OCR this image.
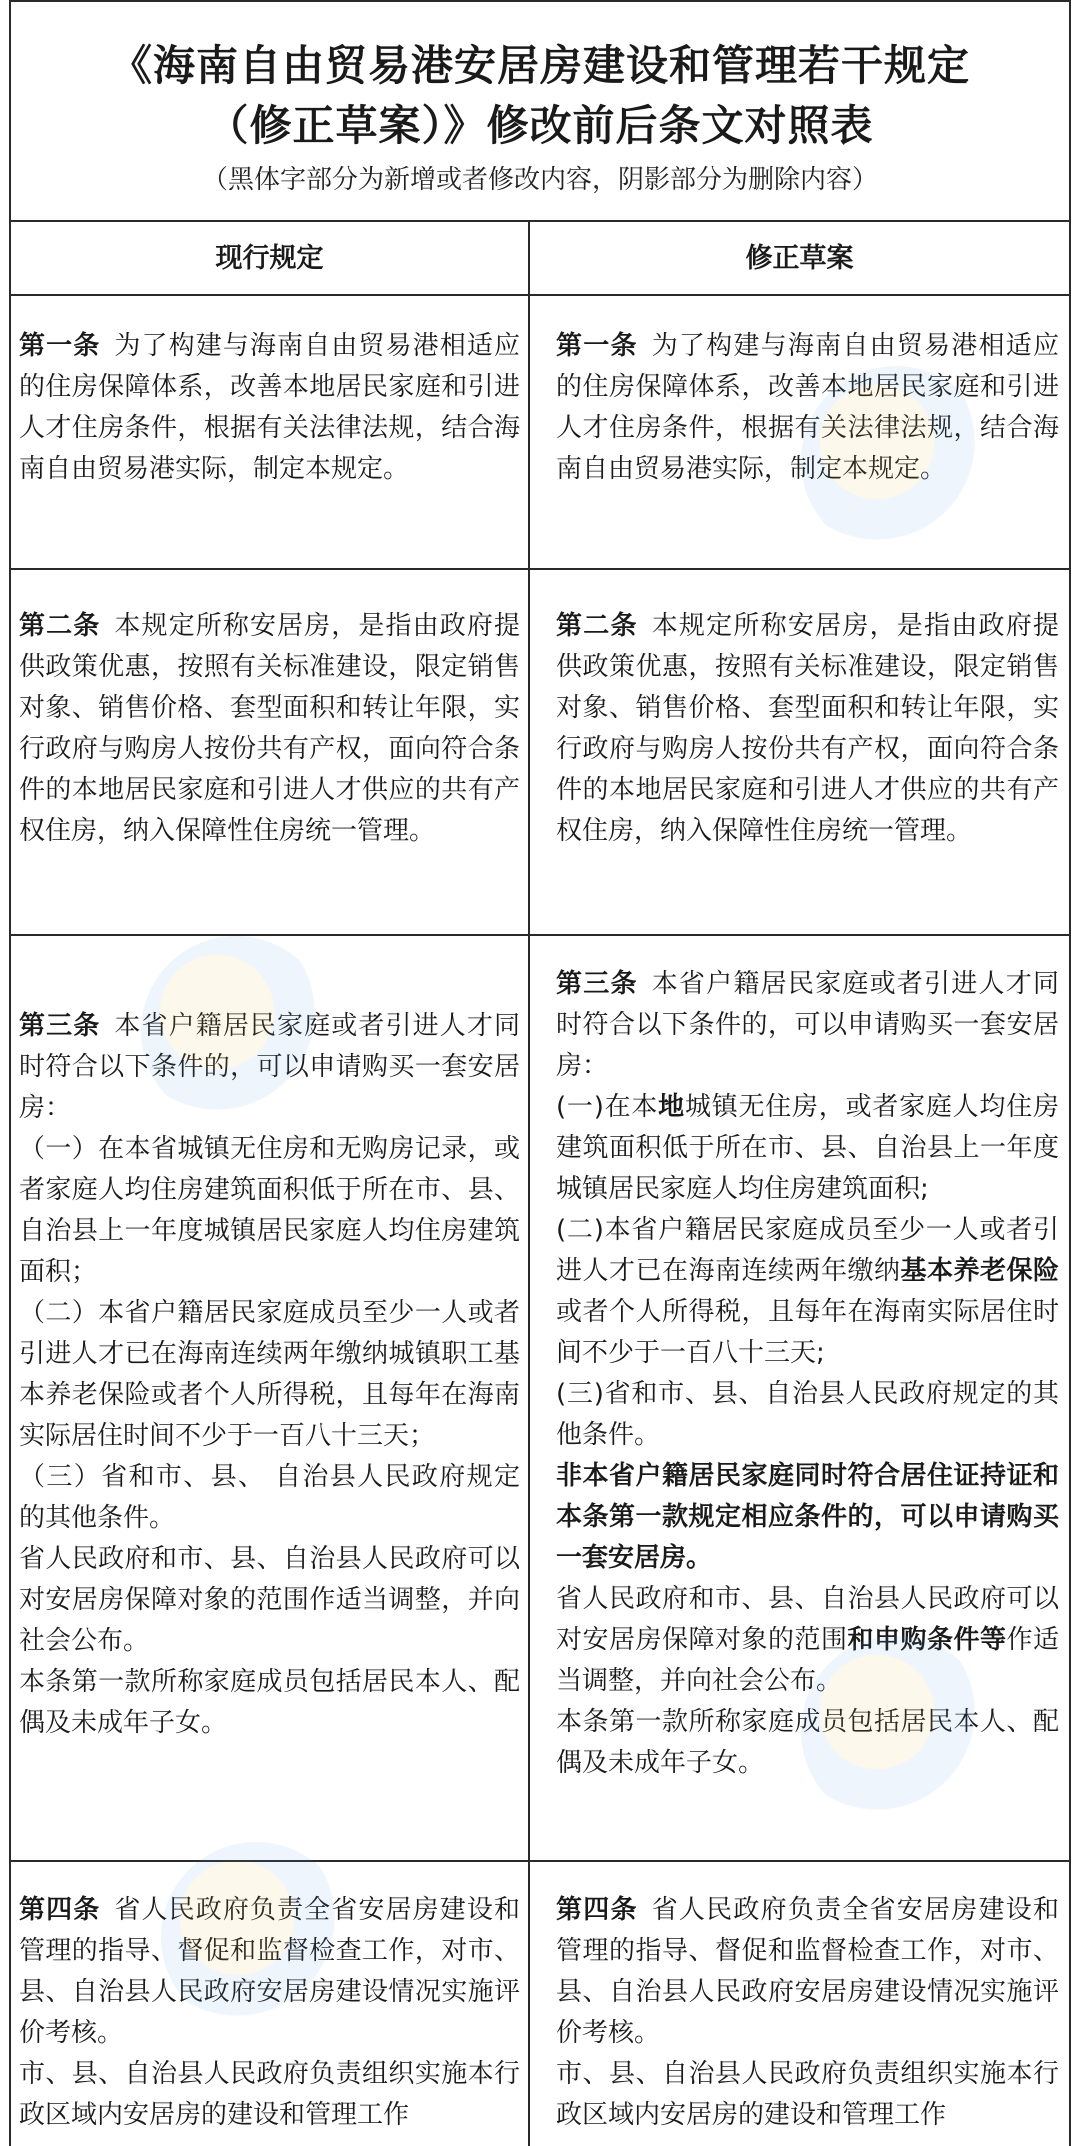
《海南自由贸易港安居房建设和管理若干规定
（修正草案）》修改前后条文对照表
（黑体字部分为新增或者修改内容，阴影部分为删除内容）
现行规定	修正草案

第一条 为了构建与海南自由贸易港相适应的住房保障体系，改善本地居民家庭和引进人才住房条件，根据有关法律法规，结合海南自由贸易港实际，制定本规定。

第一条 为了构建与海南自由贸易港相适应的住房保障体系，改善本地居民家庭和引进人才住房条件，根据有关法律法规，结合海南自由贸易港实际，制定本规定。

第二条 本规定所称安居房，是指由政府提供政策优惠，按照有关标准建设，限定销售对象、销售价格、套型面积和转让年限，实行政府与购房人按份共有产权，面向符合条件的本地居民家庭和引进人才供应的共有产权住房，纳入保障性住房统一管理。

第二条 本规定所称安居房，是指由政府提供政策优惠，按照有关标准建设，限定销售对象、销售价格、套型面积和转让年限，实行政府与购房人按份共有产权，面向符合条件的本地居民家庭和引进人才供应的共有产权住房，纳入保障性住房统一管理。

第三条 本省户籍居民家庭或者引进人才同时符合以下条件的，可以申请购买一套安居房：

（一）在本省城镇无住房和无购房记录，或者家庭人均住房建筑面积低于所在市、县、自治县上一年度城镇居民家庭人均住房建筑 面积；

（二）本省户籍居民家庭成员至少一人或者引进人才已在海南连续两年缴纳城镇职工基本养老保险或者个人所得税，且每年在海南实际居住时间不少于一百八十三天；

（三）省和市、县、 自治县人民政府规定的其他条件。

省人民政府和市、县、自治县人民政府可以对安居房保障对象的范围作适当调整，并向社会公布。

本条第一款所称家庭成员包括居民本人、配偶及未成年子女。

第三条 本省户籍居民家庭或者引进人才同时符合以下条件的，可以申请购买一套安居房：

(一)在本地城镇无住房，或者家庭人均住房建筑面积低于所在市、县、自治县上一年度城镇居民家庭人均住房建筑面积;

(二)本省户籍居民家庭成员至少一人或者引进人才已在海南连续两年缴纳基本养老保险或者个人所得税，且每年在海南实际居住时间不少于一百八十三天;

(三)省和市、县、自治县人民政府规定的其他条件。

非本省户籍居民家庭同时符合居住证持证和本条第一款规定相应条件的，可以申请购买一套安居房。

省人民政府和市、县、自治县人民政府可以对安居房保障对象的范围和申购条件等作适当调整，并向社会公布。

本条第一款所称家庭成员包括居民本人、配偶及未成年子女。

第四条 省人民政府负责全省安居房建设和管理的指导、督促和监督检查工作，对市、县、自治县人民政府安居房建设情况实施评价考核。

市、县、自治县人民政府负责组织实施本行政区域内安居房的建设和管理工作

第四条 省人民政府负责全省安居房建设和管理的指导、督促和监督检查工作，对市、县、自治县人民政府安居房建设情况实施评价考核。

市、县、自治县人民政府负责组织实施本行政区域内安居房的建设和管理工作
